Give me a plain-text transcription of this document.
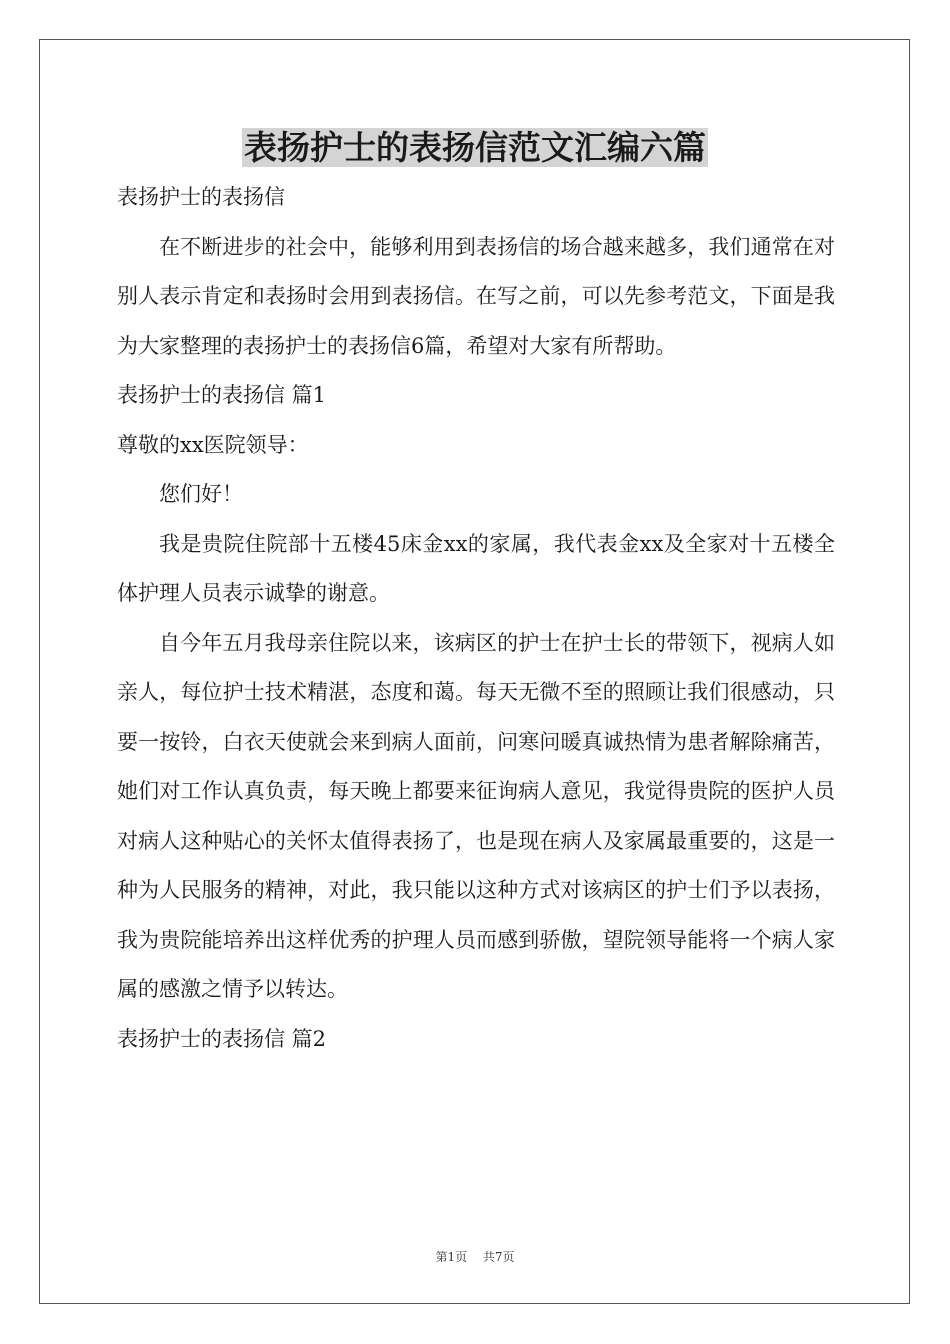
表扬护士的表扬信范文汇编六篇

表扬护士的表扬信

在不断进步的社会中，能够利用到表扬信的场合越来越多，我们通常在对别人表示肯定和表扬时会用到表扬信。在写之前，可以先参考范文，下面是我为大家整理的表扬护士的表扬信6篇，希望对大家有所帮助。

表扬护士的表扬信 篇1

尊敬的xx医院领导：

您们好！

我是贵院住院部十五楼45床金xx的家属，我代表金xx及全家对十五楼全体护理人员表示诚挚的谢意。

自今年五月我母亲住院以来，该病区的护士在护士长的带领下，视病人如亲人，每位护士技术精湛，态度和蔼。每天无微不至的照顾让我们很感动，只要一按铃，白衣天使就会来到病人面前，问寒问暖真诚热情为患者解除痛苦，她们对工作认真负责，每天晚上都要来征询病人意见，我觉得贵院的医护人员对病人这种贴心的关怀太值得表扬了，也是现在病人及家属最重要的，这是一种为人民服务的精神，对此，我只能以这种方式对该病区的护士们予以表扬，我为贵院能培养出这样优秀的护理人员而感到骄傲，望院领导能将一个病人家属的感激之情予以转达。

表扬护士的表扬信 篇2

第1页 共7页
